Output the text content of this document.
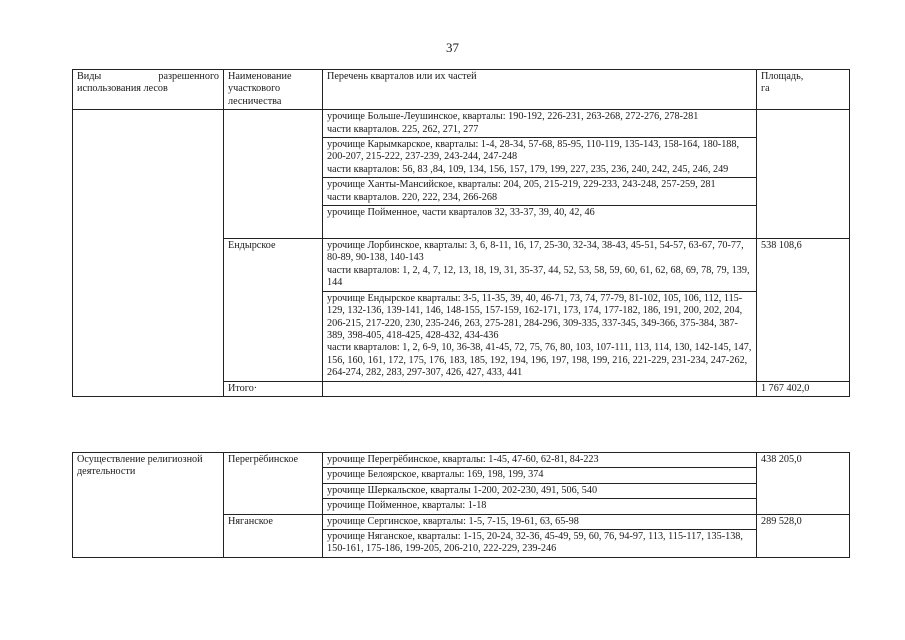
37
Виды разрешенного
использования лесов	Наименование
участкового
лесничества	Перечень кварталов или их частей	Площадь,
га

		урочище Больше-Леушинское, кварталы: 190-192, 226-231, 263-268, 272-276, 278-281
части кварталов. 225, 262, 271, 277	

		урочище Карымкарское, кварталы: 1-4, 28-34, 57-68, 85-95, 110-119, 135-143, 158-164, 180-188, 200-207, 215-222, 237-239, 243-244, 247-248
части кварталов: 56, 83 ,84, 109, 134, 156, 157, 179, 199, 227, 235, 236, 240, 242, 245, 246, 249	

		урочище Ханты-Мансийское, кварталы: 204, 205, 215-219, 229-233, 243-248, 257-259, 281
части кварталов. 220, 222, 234, 266-268	

		урочище Пойменное, части кварталов 32, 33-37, 39, 40, 42, 46	

	Ендырское	урочище Лорбинское, кварталы: 3, 6, 8-11, 16, 17, 25-30, 32-34, 38-43, 45-51, 54-57, 63-67, 70-77, 80-89, 90-138, 140-143
части кварталов: 1, 2, 4, 7, 12, 13, 18, 19, 31, 35-37, 44, 52, 53, 58, 59, 60, 61, 62, 68, 69, 78, 79, 139, 144	538 108,6

		урочище Ендырское кварталы: 3-5, 11-35, 39, 40, 46-71, 73, 74, 77-79, 81-102, 105, 106, 112, 115-129, 132-136, 139-141, 146, 148-155, 157-159, 162-171, 173, 174, 177-182, 186, 191, 200, 202, 204, 206-215, 217-220, 230, 235-246, 263, 275-281, 284-296, 309-335, 337-345, 349-366, 375-384, 387-389, 398-405, 418-425, 428-432, 434-436
части кварталов: 1, 2, 6-9, 10, 36-38, 41-45, 72, 75, 76, 80, 103, 107-111, 113, 114, 130, 142-145, 147, 156, 160, 161, 172, 175, 176, 183, 185, 192, 194, 196, 197, 198, 199, 216, 221-229, 231-234, 247-262, 264-274, 282, 283, 297-307, 426, 427, 433, 441	

	Итого·		1 767 402,0
Осуществление религиозной деятельности	Перегрёбинское	урочище Перегрёбинское, кварталы: 1-45, 47-60, 62-81, 84-223	438 205,0
		урочище Белоярское, кварталы: 169, 198, 199, 374	
		урочище Шеркальское, кварталы 1-200, 202-230, 491, 506, 540	
		урочище Пойменное, кварталы: 1-18	
	Няганское	урочище Сергинское, кварталы: 1-5, 7-15, 19-61, 63, 65-98	289 528,0
		урочище Няганское, кварталы: 1-15, 20-24, 32-36, 45-49, 59, 60, 76, 94-97, 113, 115-117, 135-138, 150-161, 175-186, 199-205, 206-210, 222-229, 239-246	
